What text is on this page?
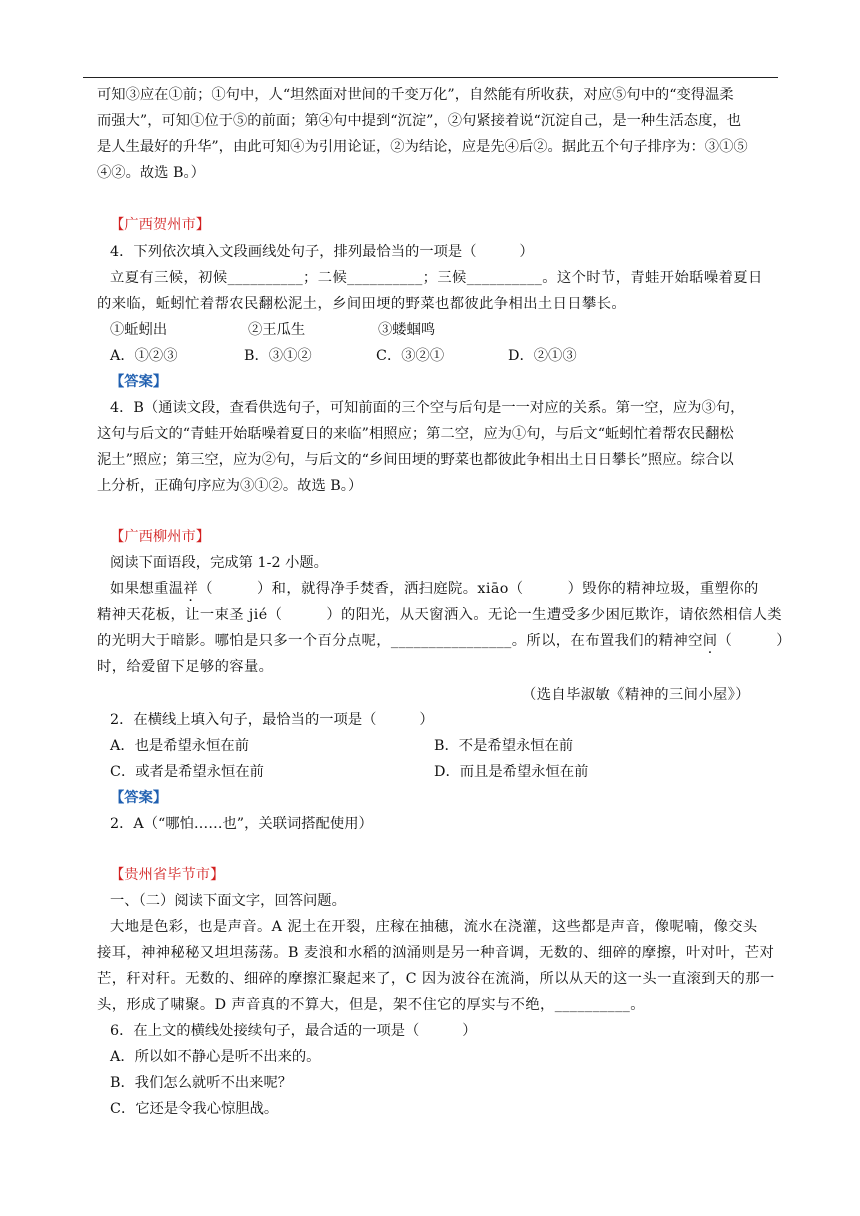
可知③应在①前；①句中，人“坦然面对世间的千变万化”，自然能有所收获，对应⑤句中的“变得温柔
而强大”，可知①位于⑤的前面；第④句中提到“沉淀”，②句紧接着说“沉淀自己，是一种生活态度，也
是人生最好的升华”，由此可知④为引用论证，②为结论，应是先④后②。据此五个句子排序为：③①⑤
④②。故选 B。）
【广西贺州市】
4．下列依次填入文段画线处句子，排列最恰当的一项是（　　　）
立夏有三候，初候__________；二候__________；三候__________。这个时节，青蛙开始聒噪着夏日
的来临，蚯蚓忙着帮农民翻松泥土，乡间田埂的野菜也都彼此争相出土日日攀长。
①蚯蚓出	②王瓜生	③蝼蝈鸣
A．①②③	B．③①②	C．③②①	D．②①③
【答案】
4．B（通读文段，查看供选句子，可知前面的三个空与后句是一一对应的关系。第一空，应为③句，
这句与后文的“青蛙开始聒噪着夏日的来临”相照应；第二空，应为①句，与后文“蚯蚓忙着帮农民翻松
泥土”照应；第三空，应为②句，与后文的“乡间田埂的野菜也都彼此争相出土日日攀长”照应。综合以
上分析，正确句序应为③①②。故选 B。）
【广西柳州市】
阅读下面语段，完成第 1-2 小题。
如果想重温祥（　　　）和，就得净手焚香，洒扫庭院。xiāo（　　　）毁你的精神垃圾，重塑你的
精神天花板，让一束圣 jié（　　　）的阳光，从天窗洒入。无论一生遭受多少困厄欺诈，请依然相信人类
的光明大于暗影。哪怕是只多一个百分点呢，________________。所以，在布置我们的精神空间（　　　）
时，给爱留下足够的容量。
（选自毕淑敏《精神的三间小屋》）
2．在横线上填入句子，最恰当的一项是（　　　）
A．也是希望永恒在前	B．不是希望永恒在前
C．或者是希望永恒在前	D．而且是希望永恒在前
【答案】
2．A（“哪怕……也”，关联词搭配使用）
【贵州省毕节市】
一、（二）阅读下面文字，回答问题。
大地是色彩，也是声音。A 泥土在开裂，庄稼在抽穗，流水在浇灌，这些都是声音，像呢喃，像交头
接耳，神神秘秘又坦坦荡荡。B 麦浪和水稻的汹涌则是另一种音调，无数的、细碎的摩擦，叶对叶，芒对
芒，秆对秆。无数的、细碎的摩擦汇聚起来了，C 因为波谷在流淌，所以从天的这一头一直滚到天的那一
头，形成了啸聚。D 声音真的不算大，但是，架不住它的厚实与不绝，__________。
6．在上文的横线处接续句子，最合适的一项是（　　　）
A．所以如不静心是听不出来的。
B．我们怎么就听不出来呢？
C．它还是令我心惊胆战。
